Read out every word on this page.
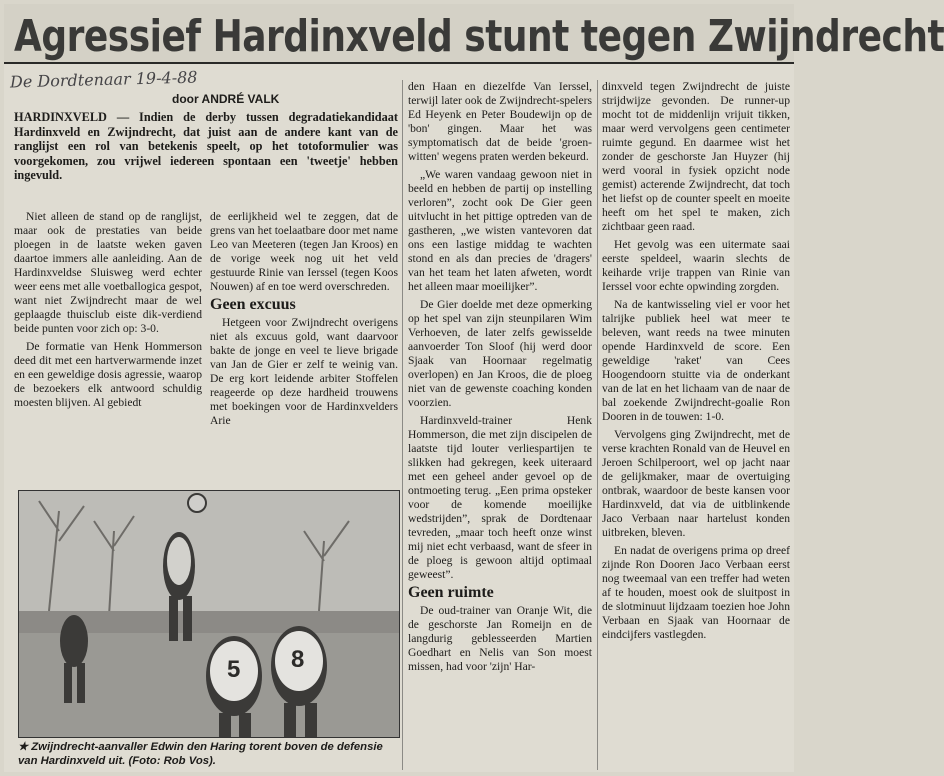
Agressief Hardinxveld stunt tegen Zwijndrecht
De Dordtenaar 19-4-88
door ANDRÉ VALK

HARDINXVELD — Indien de derby tussen degradatiekandidaat Hardinxveld en Zwijndrecht, dat juist aan de andere kant van de ranglijst een rol van betekenis speelt, op het totoformulier was voorgekomen, zou vrijwel iedereen spontaan een 'tweetje' hebben ingevuld.

Niet alleen de stand op de ranglijst, maar ook de prestaties van beide ploegen in de laatste weken gaven daartoe immers alle aanleiding. Aan de Hardinxveldse Sluisweg werd echter weer eens met alle voetballogica gespot, want niet Zwijndrecht maar de wel geplaagde thuisclub eiste dik-verdiend beide punten voor zich op: 3-0.

De formatie van Henk Hommerson deed dit met een hartverwarmende inzet en een geweldige dosis agressie, waarop de bezoekers elk antwoord schuldig moesten blijven. Al gebiedt

de eerlijkheid wel te zeggen, dat de grens van het toelaatbare door met name Leo van Meeteren (tegen Jan Kroos) en de vorige week nog uit het veld gestuurde Rinie van Ierssel (tegen Koos Nouwen) af en toe werd overschreden.

Geen excuus

Hetgeen voor Zwijndrecht overigens niet als excuus gold, want daarvoor bakte de jonge en veel te lieve brigade van Jan de Gier er zelf te weinig van. De erg kort leidende arbiter Stoffelen reageerde op deze hardheid trouwens met boekingen voor de Hardinxvelders Arie

den Haan en diezelfde Van Ierssel, terwijl later ook de Zwijndrecht-spelers Ed Heyenk en Peter Boudewijn op de 'bon' gingen. Maar het was symptomatisch dat de beide 'groen-witten' wegens praten werden bekeurd.

„We waren vandaag gewoon niet in beeld en hebben de partij op instelling verloren”, zocht ook De Gier geen uitvlucht in het pittige optreden van de gastheren, „we wisten vantevoren dat ons een lastige middag te wachten stond en als dan precies de 'dragers' van het team het laten afweten, wordt het alleen maar moeilijker”.

De Gier doelde met deze opmerking op het spel van zijn steunpilaren Wim Verhoeven, de later zelfs gewisselde aanvoerder Ton Sloof (hij werd door Sjaak van Hoornaar regelmatig overlopen) en Jan Kroos, die de ploeg niet van de gewenste coaching konden voorzien.

Hardinxveld-trainer Henk Hommerson, die met zijn discipelen de laatste tijd louter verliespartijen te slikken had gekregen, keek uiteraard met een geheel ander gevoel op de ontmoeting terug. „Een prima opsteker voor de komende moeilijke wedstrijden”, sprak de Dordtenaar tevreden, „maar toch heeft onze winst mij niet echt verbaasd, want de sfeer in de ploeg is gewoon altijd optimaal geweest”.

Geen ruimte

De oud-trainer van Oranje Wit, die de geschorste Jan Romeijn en de langdurig geblesseerden Martien Goedhart en Nelis van Son moest missen, had voor 'zijn' Har-

dinxveld tegen Zwijndrecht de juiste strijdwijze gevonden. De runner-up mocht tot de middenlijn vrijuit tikken, maar werd vervolgens geen centimeter ruimte gegund. En daarmee wist het zonder de geschorste Jan Huyzer (hij werd vooral in fysiek opzicht node gemist) acterende Zwijndrecht, dat toch het liefst op de counter speelt en moeite heeft om het spel te maken, zich zichtbaar geen raad.

Het gevolg was een uitermate saai eerste speldeel, waarin slechts de keiharde vrije trappen van Rinie van Ierssel voor echte opwinding zorgden.

Na de kantwisseling viel er voor het talrijke publiek heel wat meer te beleven, want reeds na twee minuten opende Hardinxveld de score. Een geweldige 'raket' van Cees Hoogendoorn stuitte via de onderkant van de lat en het lichaam van de naar de bal zoekende Zwijndrecht-goalie Ron Dooren in de touwen: 1-0.

Vervolgens ging Zwijndrecht, met de verse krachten Ronald van de Heuvel en Jeroen Schilperoort, wel op jacht naar de gelijkmaker, maar de overtuiging ontbrak, waardoor de beste kansen voor Hardinxveld, dat via de uitblinkende Jaco Verbaan naar hartelust konden uitbreken, bleven.

En nadat de overigens prima op dreef zijnde Ron Dooren Jaco Verbaan eerst nog tweemaal van een treffer had weten af te houden, moest ook de sluitpost in de slotminuut lijdzaam toezien hoe John Verbaan en Sjaak van Hoornaar de eindcijfers vastlegden.

5 8
★ Zwijndrecht-aanvaller Edwin den Haring torent boven de defensie van Hardinxveld uit. (Foto: Rob Vos).
